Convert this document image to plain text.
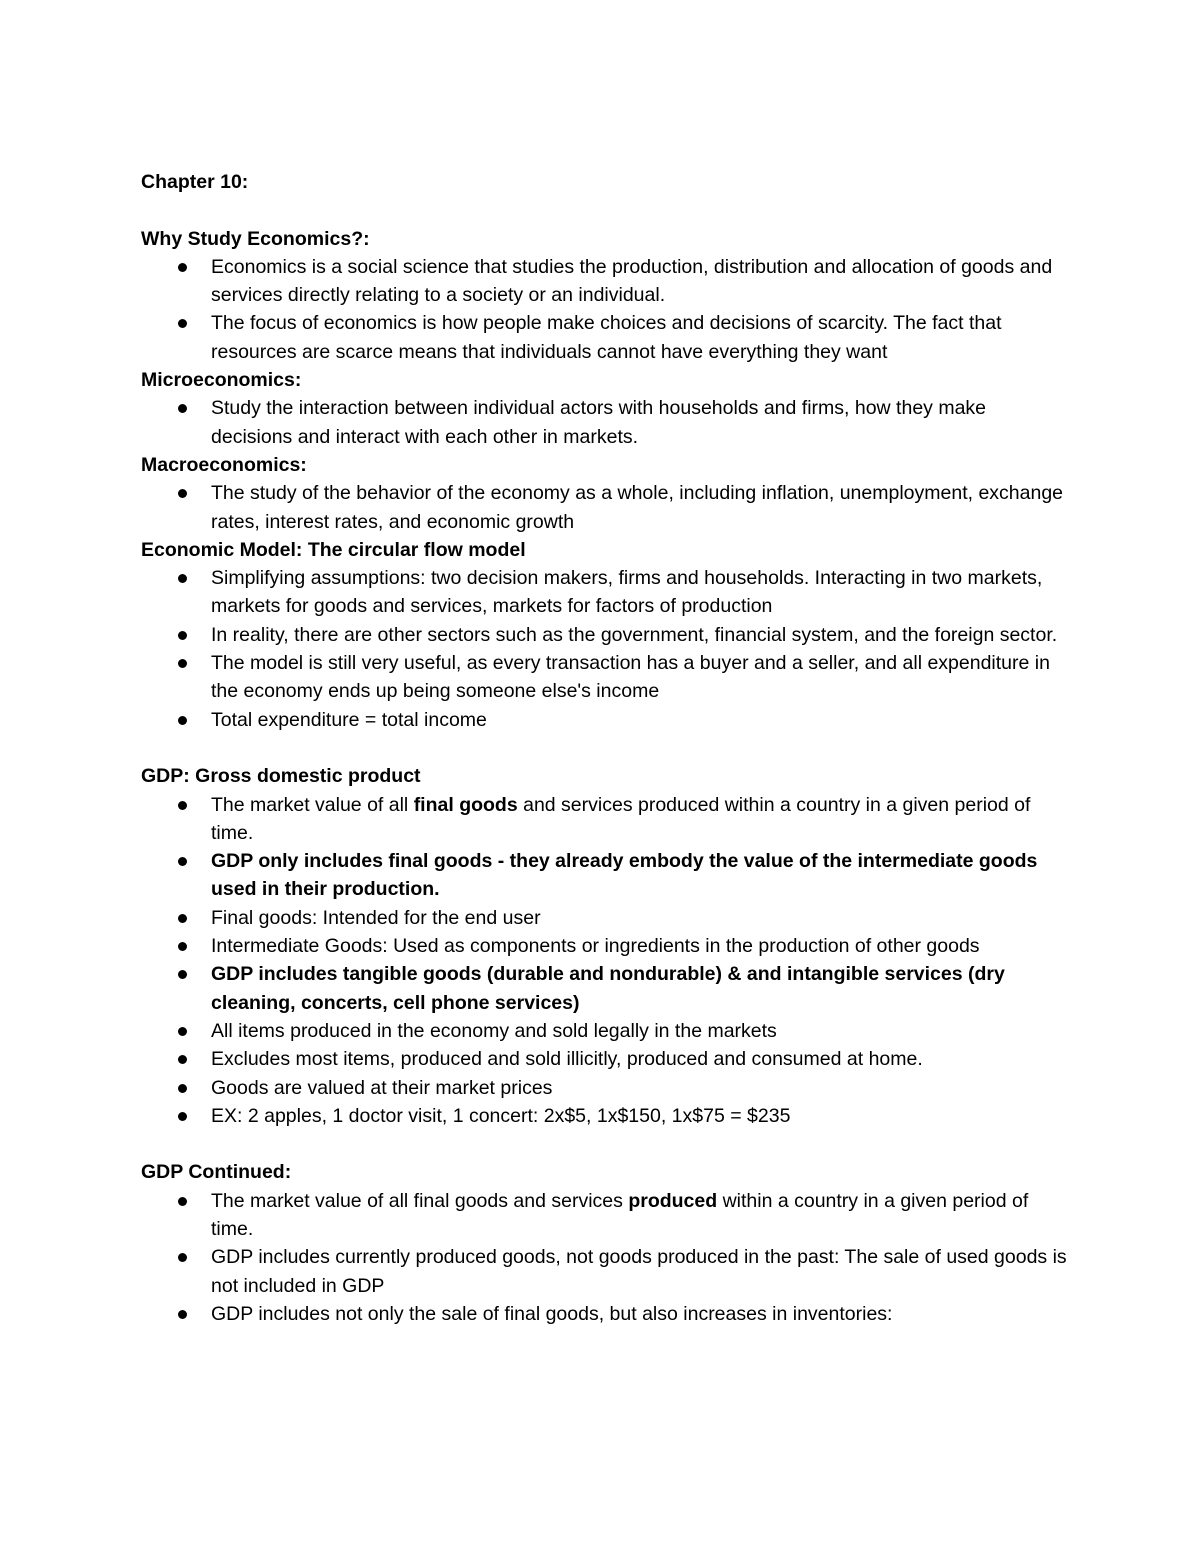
Chapter 10:
Why Study Economics?:
Economics is a social science that studies the production, distribution and allocation of goods and services directly relating to a society or an individual.
The focus of economics is how people make choices and decisions of scarcity. The fact that resources are scarce means that individuals cannot have everything they want
Microeconomics:
Study the interaction between individual actors with households and firms, how they make decisions and interact with each other in markets.
Macroeconomics:
The study of the behavior of the economy as a whole, including inflation, unemployment, exchange rates, interest rates, and economic growth
Economic Model: The circular flow model
Simplifying assumptions: two decision makers, firms and households. Interacting in two markets, markets for goods and services, markets for factors of production
In reality, there are other sectors such as the government, financial system, and the foreign sector.
The model is still very useful, as every transaction has a buyer and a seller, and all expenditure in the economy ends up being someone else's income
Total expenditure = total income
GDP: Gross domestic product
The market value of all final goods and services produced within a country in a given period of time.
GDP only includes final goods - they already embody the value of the intermediate goods used in their production.
Final goods: Intended for the end user
Intermediate Goods: Used as components or ingredients in the production of other goods
GDP includes tangible goods (durable and nondurable) & and intangible services (dry cleaning, concerts, cell phone services)
All items produced in the economy and sold legally in the markets
Excludes most items, produced and sold illicitly, produced and consumed at home.
Goods are valued at their market prices
EX: 2 apples, 1 doctor visit, 1 concert: 2x$5, 1x$150, 1x$75 = $235
GDP Continued:
The market value of all final goods and services produced within a country in a given period of time.
GDP includes currently produced goods, not goods produced in the past: The sale of used goods is not included in GDP
GDP includes not only the sale of final goods, but also increases in inventories:
